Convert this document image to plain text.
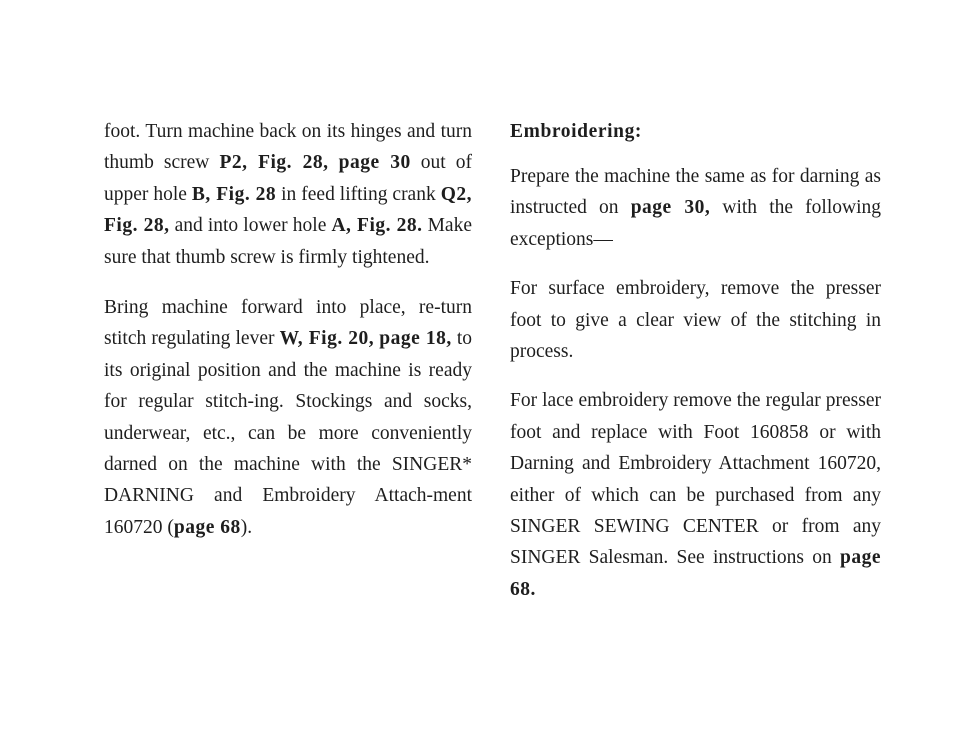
foot. Turn machine back on its hinges and turn thumb screw P2, Fig. 28, page 30 out of upper hole B, Fig. 28 in feed lifting crank Q2, Fig. 28, and into lower hole A, Fig. 28. Make sure that thumb screw is firmly tightened.

Bring machine forward into place, re-turn stitch regulating lever W, Fig. 20, page 18, to its original position and the machine is ready for regular stitch-ing. Stockings and socks, underwear, etc., can be more conveniently darned on the machine with the SINGER* DARNING and Embroidery Attach-ment 160720 (page 68).

Embroidering:

Prepare the machine the same as for darning as instructed on page 30, with the following exceptions—

For surface embroidery, remove the presser foot to give a clear view of the stitching in process.

For lace embroidery remove the regular presser foot and replace with Foot 160858 or with Darning and Embroidery Attachment 160720, either of which can be purchased from any SINGER SEWING CENTER or from any SINGER Salesman. See instructions on page 68.
